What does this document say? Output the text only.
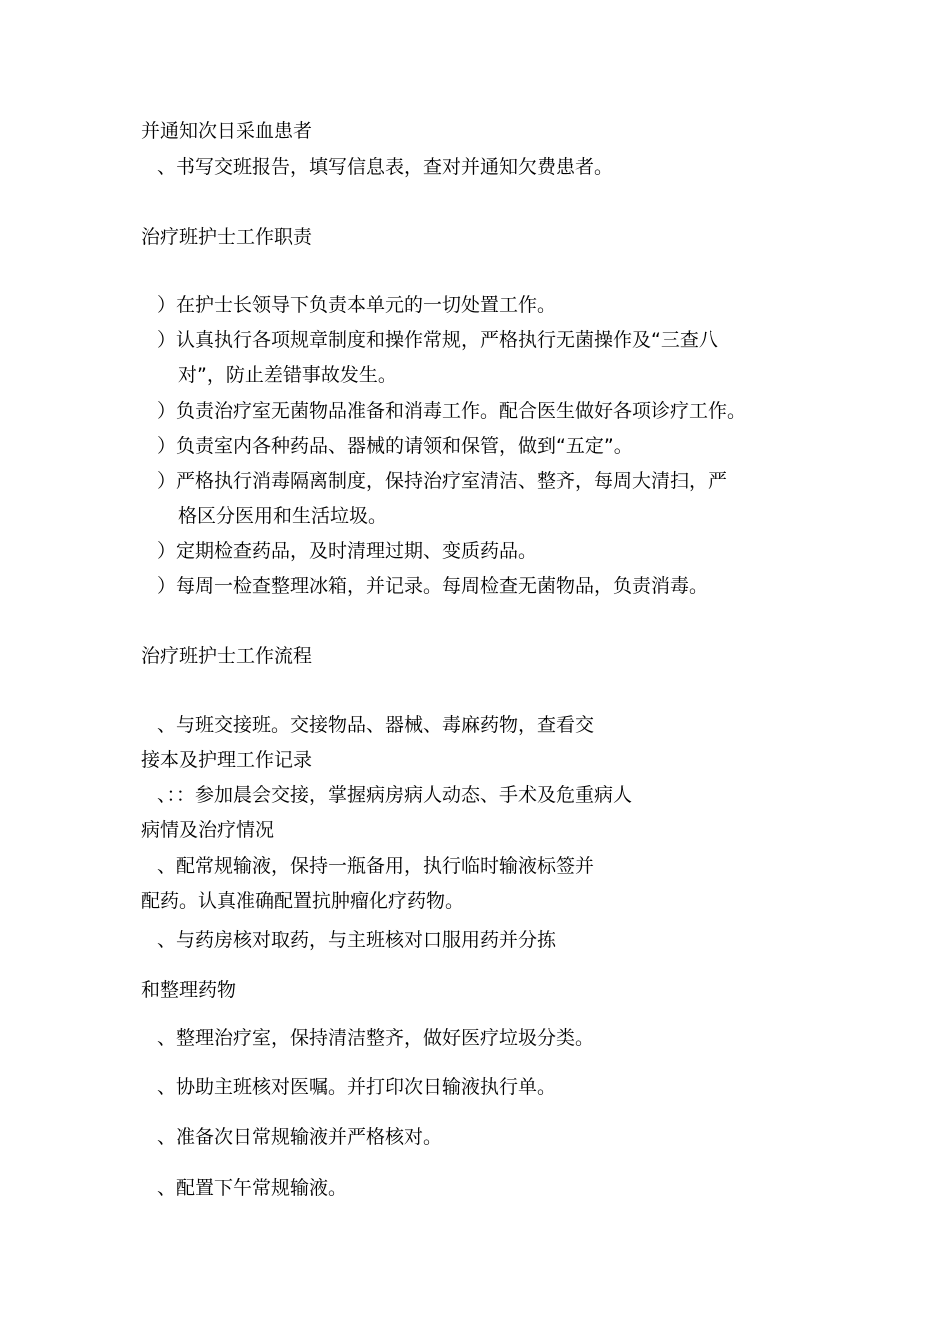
并通知次日采血患者
、书写交班报告，填写信息表，查对并通知欠费患者。
治疗班护士工作职责
）在护士长领导下负责本单元的一切处置工作。
）认真执行各项规章制度和操作常规，严格执行无菌操作及“三查八
对”，防止差错事故发生。
）负责治疗室无菌物品准备和消毒工作。配合医生做好各项诊疗工作。
）负责室内各种药品、器械的请领和保管，做到“五定”。
）严格执行消毒隔离制度，保持治疗室清洁、整齐，每周大清扫，严
格区分医用和生活垃圾。
）定期检查药品，及时清理过期、变质药品。
）每周一检查整理冰箱，并记录。每周检查无菌物品，负责消毒。
治疗班护士工作流程
、与班交接班。交接物品、器械、毒麻药物，查看交
接本及护理工作记录
、：：参加晨会交接，掌握病房病人动态、手术及危重病人
病情及治疗情况
、配常规输液，保持一瓶备用，执行临时输液标签并
配药。认真准确配置抗肿瘤化疗药物。
、与药房核对取药，与主班核对口服用药并分拣
和整理药物
、整理治疗室，保持清洁整齐，做好医疗垃圾分类。
、协助主班核对医嘱。并打印次日输液执行单。
、准备次日常规输液并严格核对。
、配置下午常规输液。
